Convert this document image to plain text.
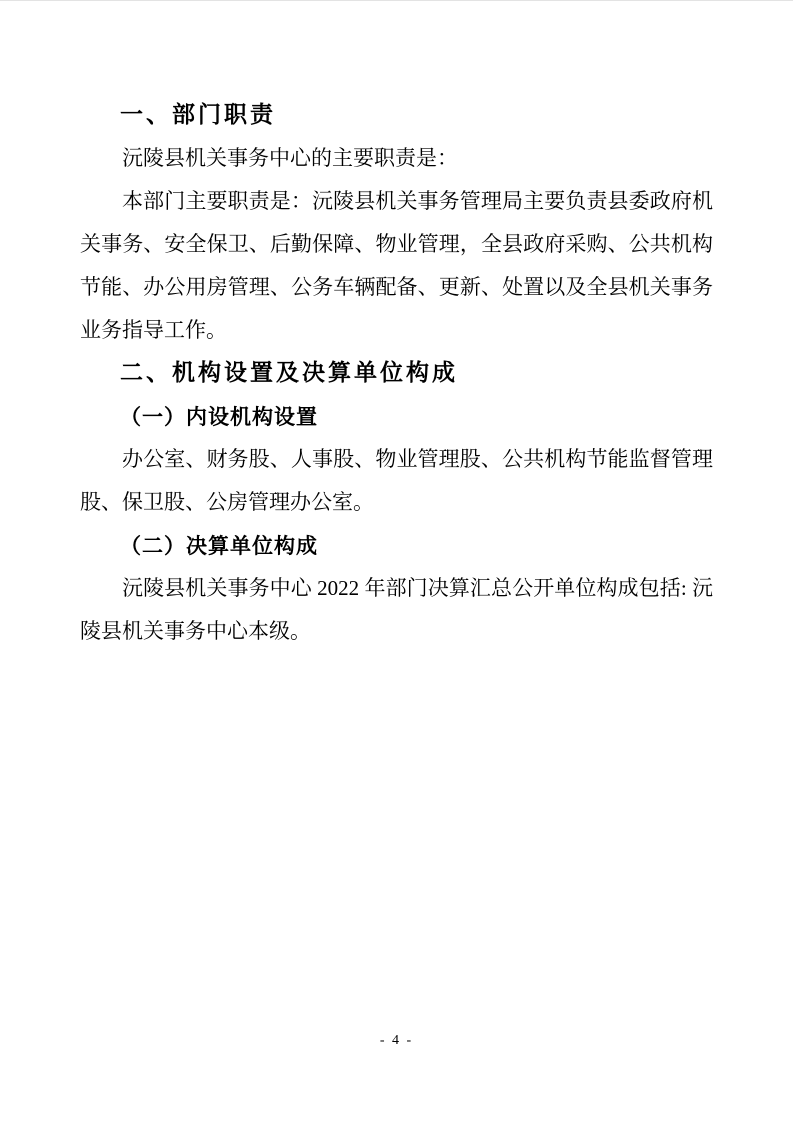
一、部门职责

沅陵县机关事务中心的主要职责是：

本部门主要职责是：沅陵县机关事务管理局主要负责县委政府机关事务、安全保卫、后勤保障、物业管理，全县政府采购、公共机构节能、办公用房管理、公务车辆配备、更新、处置以及全县机关事务业务指导工作。

二、机构设置及决算单位构成
（一）内设机构设置

办公室、财务股、人事股、物业管理股、公共机构节能监督管理股、保卫股、公房管理办公室。

（二）决算单位构成

沅陵县机关事务中心 2022 年部门决算汇总公开单位构成包括: 沅陵县机关事务中心本级。

- 4 -
